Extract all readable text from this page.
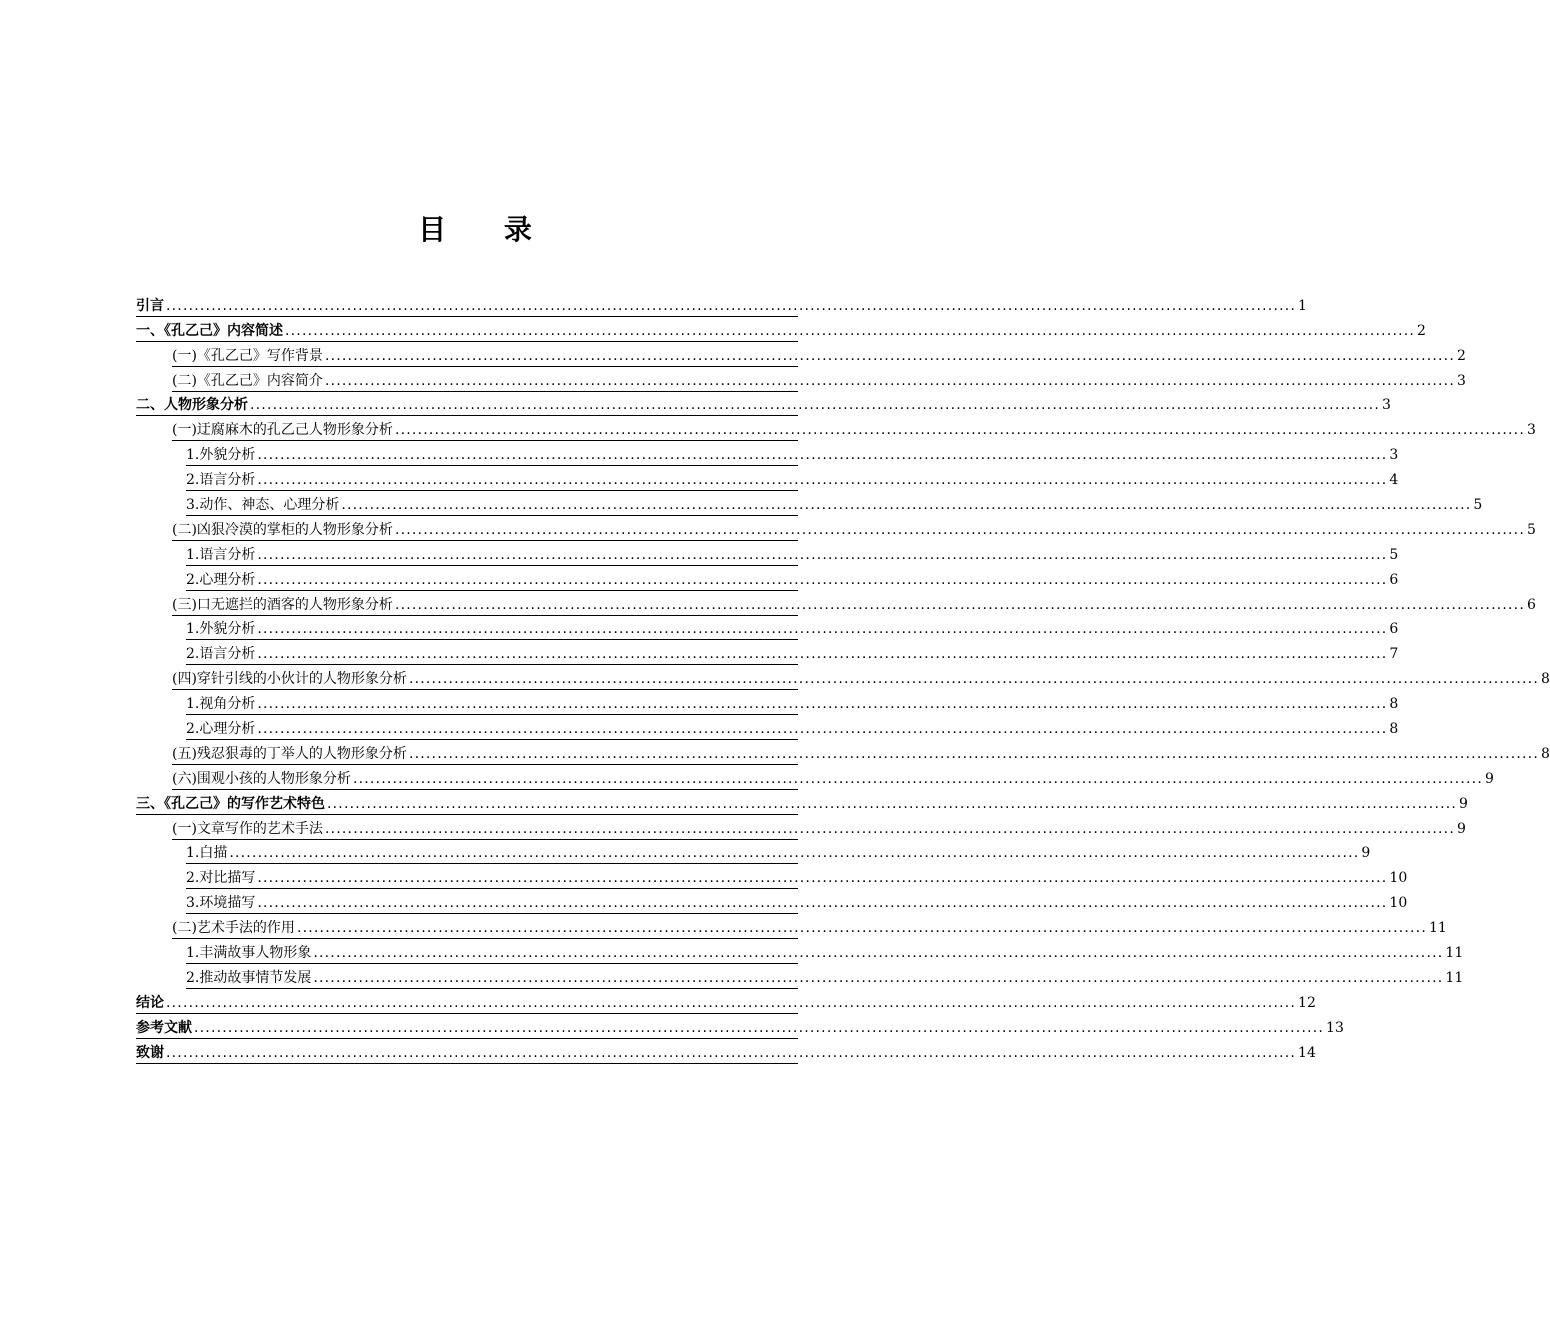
目 录
引言 ........................................................................................................................................................................................................ 1
一、《孔乙己》内容简述 ........................................................................................................................................................................................................ 2
(一)《孔乙己》写作背景 ........................................................................................................................................................................................................ 2
(二)《孔乙己》内容简介 ........................................................................................................................................................................................................ 3
二、人物形象分析 ........................................................................................................................................................................................................ 3
(一)迂腐麻木的孔乙己人物形象分析 ........................................................................................................................................................................................................ 3
1.外貌分析 ........................................................................................................................................................................................................ 3
2.语言分析 ........................................................................................................................................................................................................ 4
3.动作、神态、心理分析 ........................................................................................................................................................................................................ 5
(二)凶狠冷漠的掌柜的人物形象分析 ........................................................................................................................................................................................................ 5
1.语言分析 ........................................................................................................................................................................................................ 5
2.心理分析 ........................................................................................................................................................................................................ 6
(三)口无遮拦的酒客的人物形象分析 ........................................................................................................................................................................................................ 6
1.外貌分析 ........................................................................................................................................................................................................ 6
2.语言分析 ........................................................................................................................................................................................................ 7
(四)穿针引线的小伙计的人物形象分析 ........................................................................................................................................................................................................ 8
1.视角分析 ........................................................................................................................................................................................................ 8
2.心理分析 ........................................................................................................................................................................................................ 8
(五)残忍狠毒的丁举人的人物形象分析 ........................................................................................................................................................................................................ 8
(六)围观小孩的人物形象分析 ........................................................................................................................................................................................................ 9
三、《孔乙己》的写作艺术特色 ........................................................................................................................................................................................................ 9
(一)文章写作的艺术手法 ........................................................................................................................................................................................................ 9
1.白描 ........................................................................................................................................................................................................ 9
2.对比描写 ........................................................................................................................................................................................................ 10
3.环境描写 ........................................................................................................................................................................................................ 10
(二)艺术手法的作用 ........................................................................................................................................................................................................ 11
1.丰满故事人物形象 ........................................................................................................................................................................................................ 11
2.推动故事情节发展 ........................................................................................................................................................................................................ 11
结论 ........................................................................................................................................................................................................ 12
参考文献 ........................................................................................................................................................................................................ 13
致谢 ........................................................................................................................................................................................................ 14
